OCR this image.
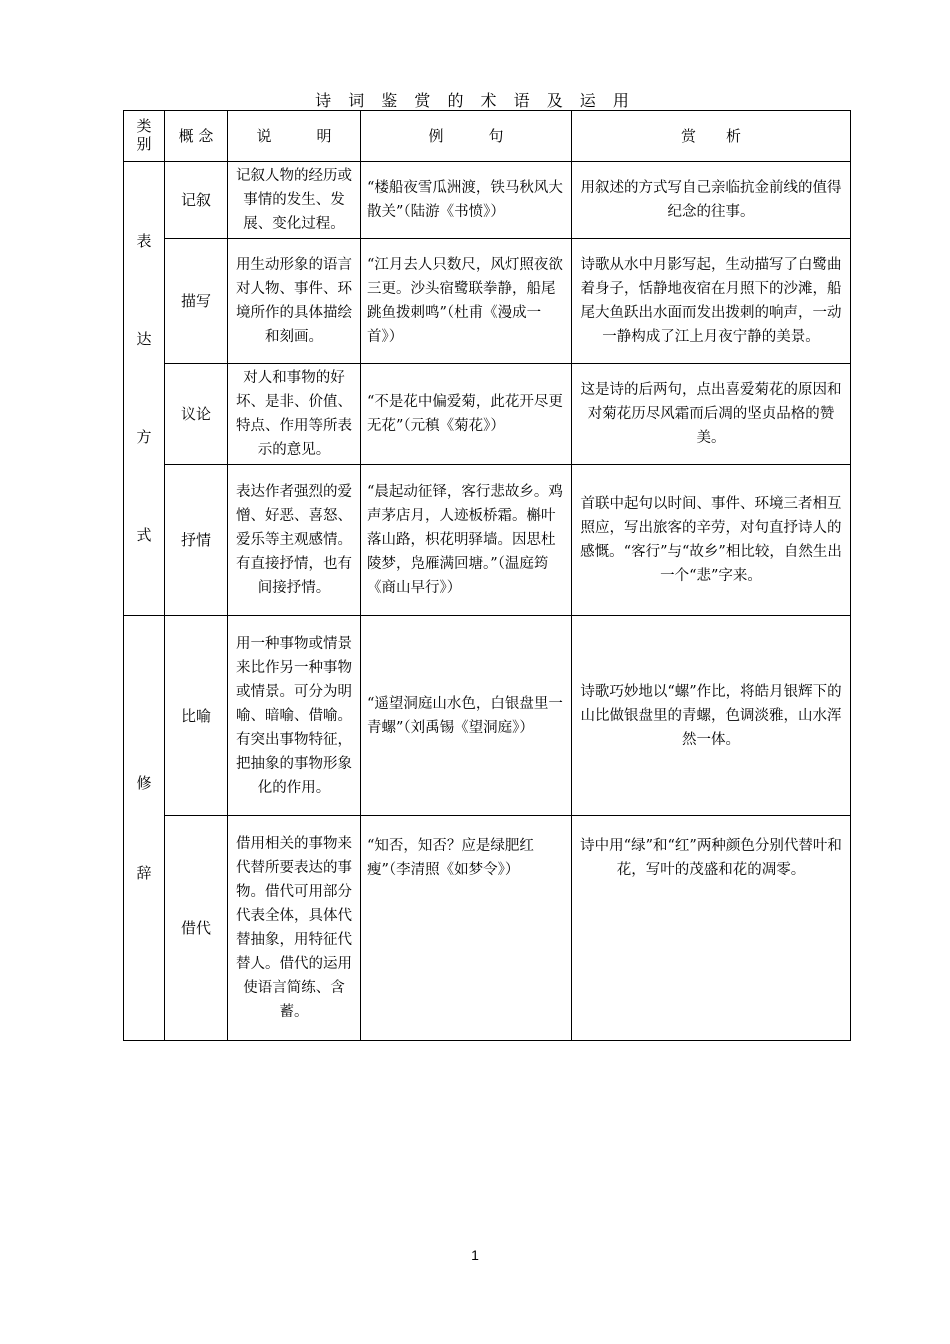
诗 词 鉴 赏 的 术 语 及 运 用
类别	概 念	说　　　明	例　　　句	赏　　析
表达方式	记叙	记叙人物的经历或事情的发生、发展、变化过程。	“楼船夜雪瓜洲渡，铁马秋风大散关”（陆游《书愤》）	用叙述的方式写自己亲临抗金前线的值得纪念的往事。
	描写	用生动形象的语言对人物、事件、环境所作的具体描绘和刻画。	“江月去人只数尺，风灯照夜欲三更。沙头宿鹭联拳静，船尾跳鱼拨刺鸣”（杜甫《漫成一首》）	诗歌从水中月影写起，生动描写了白鹭曲着身子，恬静地夜宿在月照下的沙滩，船尾大鱼跃出水面而发出拨刺的响声，一动一静构成了江上月夜宁静的美景。
	议论	对人和事物的好坏、是非、价值、特点、作用等所表示的意见。	“不是花中偏爱菊，此花开尽更无花”（元稹《菊花》）	这是诗的后两句，点出喜爱菊花的原因和对菊花历尽风霜而后凋的坚贞品格的赞美。
	抒情	表达作者强烈的爱憎、好恶、喜怒、爱乐等主观感情。有直接抒情，也有间接抒情。	“晨起动征铎，客行悲故乡。鸡声茅店月，人迹板桥霜。槲叶落山路，枳花明驿墙。因思杜陵梦，凫雁满回塘。”（温庭筠《商山早行》）	首联中起句以时间、事件、环境三者相互照应，写出旅客的辛劳，对句直抒诗人的感慨。“客行”与“故乡”相比较，自然生出一个“悲”字来。
修辞	比喻	用一种事物或情景来比作另一种事物或情景。可分为明喻、暗喻、借喻。有突出事物特征，把抽象的事物形象化的作用。	“遥望洞庭山水色，白银盘里一青螺”（刘禹锡《望洞庭》）	诗歌巧妙地以“螺”作比，将皓月银辉下的山比做银盘里的青螺，色调淡雅，山水浑然一体。
	借代	借用相关的事物来代替所要表达的事物。借代可用部分代表全体，具体代替抽象，用特征代替人。借代的运用使语言简练、含蓄。	“知否，知否？应是绿肥红瘦”（李清照《如梦令》）	诗中用“绿”和“红”两种颜色分别代替叶和花，写叶的茂盛和花的凋零。
1
